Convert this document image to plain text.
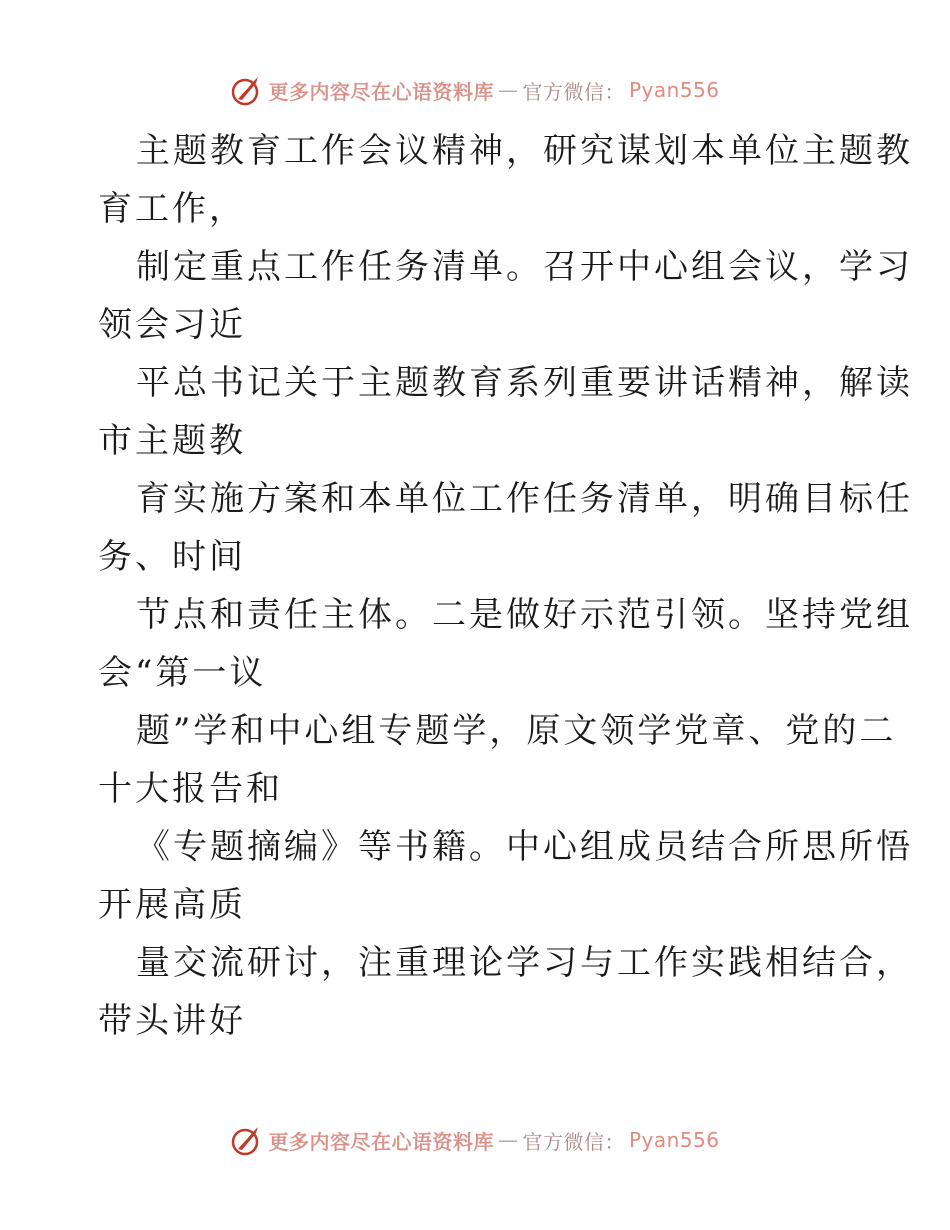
更多内容尽在心语资料库 — 官方微信： Pyan556
主题教育工作会议精神，研究谋划本单位主题教
育工作，
制定重点工作任务清单。召开中心组会议，学习
领会习近
平总书记关于主题教育系列重要讲话精神，解读
市主题教
育实施方案和本单位工作任务清单，明确目标任
务、时间
节点和责任主体。二是做好示范引领。坚持党组
会“第一议
题”学和中心组专题学，原文领学党章、党的二
十大报告和
《专题摘编》等书籍。中心组成员结合所思所悟
开展高质
量交流研讨，注重理论学习与工作实践相结合，
带头讲好
更多内容尽在心语资料库 — 官方微信： Pyan556
